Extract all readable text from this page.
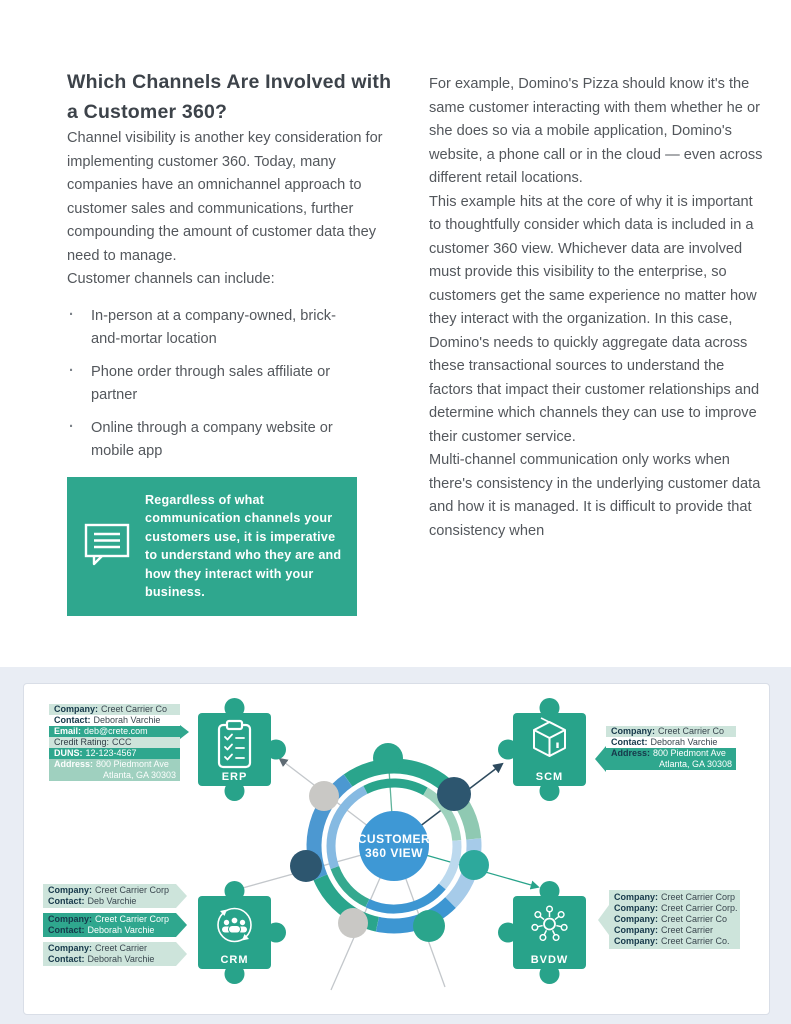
Which Channels Are Involved with a Customer 360?

Channel visibility is another key consideration for implementing customer 360. Today, many companies have an omnichannel approach to customer sales and communications, further compounding the amount of customer data they need to manage.

Customer channels can include:

· In-person at a company-owned, brick-and-mortar location
· Phone order through sales affiliate or partner
· Online through a company website or mobile app

Regardless of what communication channels your customers use, it is imperative to understand who they are and how they interact with your business.

For example, Domino's Pizza should know it's the same customer interacting with them whether he or she does so via a mobile application, Domino's website, a phone call or in the cloud — even across different retail locations.

This example hits at the core of why it is important to thoughtfully consider which data is included in a customer 360 view. Whichever data are involved must provide this visibility to the enterprise, so customers get the same experience no matter how they interact with the organization. In this case, Domino's needs to quickly aggregate data across these transactional sources to understand the factors that impact their customer relationships and determine which channels they can use to improve their customer service.

Multi-channel communication only works when there's consistency in the underlying customer data and how it is managed. It is difficult to provide that consistency when

CUSTOMER
360 VIEW
ERP	SCM
CRM	BVDW
Company: Creet Carrier Co
Contact: Deborah Varchie
Email: deb@crete.com
Credit Rating: CCC
DUNS: 12-123-4567
Address: 800 Piedmont Ave
Atlanta, GA 30303
Company: Creet Carrier Co
Contact: Deborah Varchie
Address: 800 Piedmont Ave
Atlanta, GA 30308
Company: Creet Carrier Corp
Contact: Deb Varchie
Company: Creet Carrier Corp
Contact: Deborah Varchie
Company: Creet Carrier
Contact: Deborah Varchie
Company: Creet Carrier Corp
Company: Creet Carrier Corp.
Company: Creet Carrier Co
Company: Creet Carrier
Company: Creet Carrier Co.
